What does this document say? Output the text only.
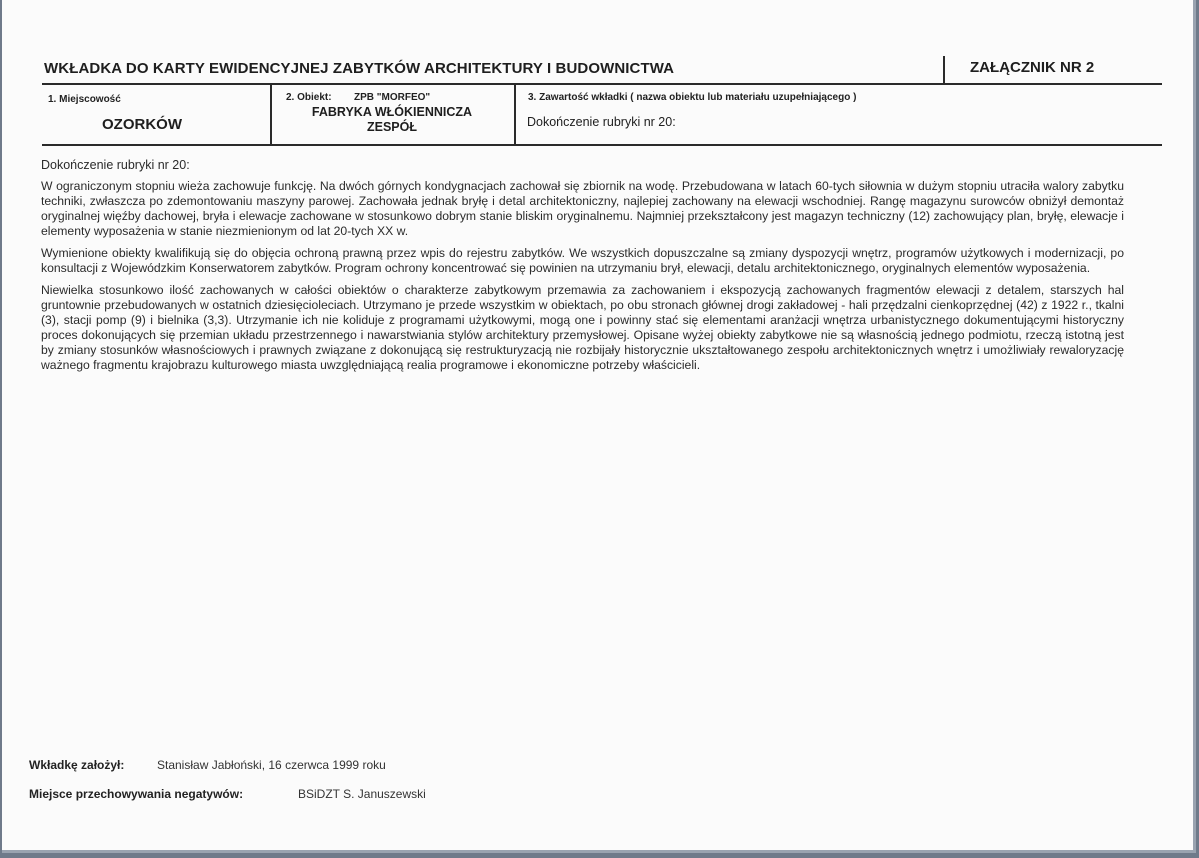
WKŁADKA DO KARTY EWIDENCYJNEJ ZABYTKÓW ARCHITEKTURY I BUDOWNICTWA	ZAŁĄCZNIK NR 2
1. Miejscowość
OZORKÓW
2. Obiekt: ZPB "MORFEO"
FABRYKA WŁÓKIENNICZA
ZESPÓŁ
3. Zawartość wkładki ( nazwa obiektu lub materiału uzupełniającego )
Dokończenie rubryki nr 20:
Dokończenie rubryki nr 20:

W ograniczonym stopniu wieża zachowuje funkcję. Na dwóch górnych kondygnacjach zachował się zbiornik na wodę. Przebudowana w latach 60-tych siłownia w dużym stopniu utraciła walory zabytku techniki, zwłaszcza po zdemontowaniu maszyny parowej. Zachowała jednak bryłę i detal architektoniczny, najlepiej zachowany na elewacji wschodniej. Rangę magazynu surowców obniżył demontaż oryginalnej więźby dachowej, bryła i elewacje zachowane w stosunkowo dobrym stanie bliskim oryginalnemu. Najmniej przekształcony jest magazyn techniczny (12) zachowujący plan, bryłę, elewacje i elementy wyposażenia w stanie niezmienionym od lat 20-tych XX w.

Wymienione obiekty kwalifikują się do objęcia ochroną prawną przez wpis do rejestru zabytków. We wszystkich dopuszczalne są zmiany dyspozycji wnętrz, programów użytkowych i modernizacji, po konsultacji z Wojewódzkim Konserwatorem zabytków. Program ochrony koncentrować się powinien na utrzymaniu brył, elewacji, detalu architektonicznego, oryginalnych elementów wyposażenia.

Niewielka stosunkowo ilość zachowanych w całości obiektów o charakterze zabytkowym przemawia za zachowaniem i ekspozycją zachowanych fragmentów elewacji z detalem, starszych hal gruntownie przebudowanych w ostatnich dziesięcioleciach. Utrzymano je przede wszystkim w obiektach, po obu stronach głównej drogi zakładowej - hali przędzalni cienkoprzędnej (42) z 1922 r., tkalni (3), stacji pomp (9) i bielnika (3,3). Utrzymanie ich nie koliduje z programami użytkowymi, mogą one i powinny stać się elementami aranżacji wnętrza urbanistycznego dokumentującymi historyczny proces dokonujących się przemian układu przestrzennego i nawarstwiania stylów architektury przemysłowej. Opisane wyżej obiekty zabytkowe nie są własnością jednego podmiotu, rzeczą istotną jest by zmiany stosunków własnościowych i prawnych związane z dokonującą się restrukturyzacją nie rozbijały historycznie ukształtowanego zespołu architektonicznych wnętrz i umożliwiały rewaloryzację ważnego fragmentu krajobrazu kulturowego miasta uwzględniającą realia programowe i ekonomiczne potrzeby właścicieli.

Wkładkę założył:	Stanisław Jabłoński, 16 czerwca 1999 roku
Miejsce przechowywania negatywów:	BSiDZT S. Januszewski
